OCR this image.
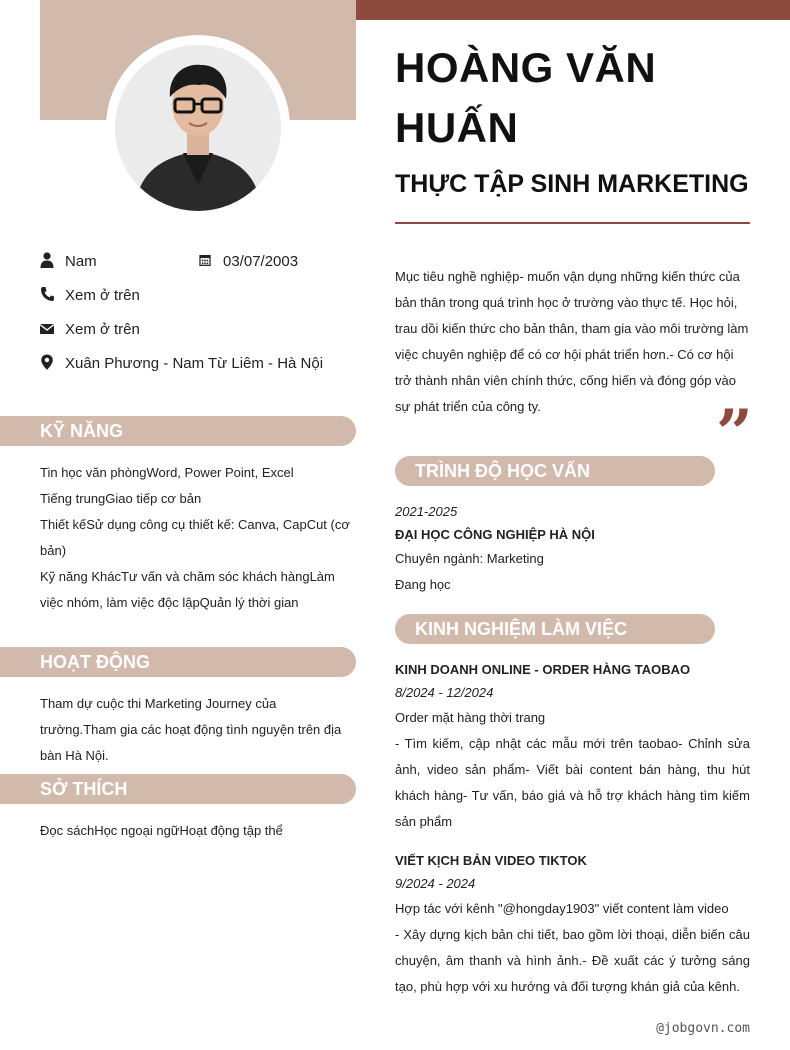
Nam	03/07/2003
Xem ở trên
Xem ở trên
Xuân Phương - Nam Từ Liêm - Hà Nội
KỸ NĂNG
Tin học văn phòngWord, Power Point, Excel
Tiếng trungGiao tiếp cơ bản
Thiết kếSử dụng công cụ thiết kế: Canva, CapCut (cơ bản)
Kỹ năng KhácTư vấn và chăm sóc khách hàngLàm việc nhóm, làm việc độc lậpQuản lý thời gian
HOẠT ĐỘNG
Tham dự cuộc thi Marketing Journey của trường.Tham gia các hoạt động tình nguyện trên địa bàn Hà Nội.
SỞ THÍCH
Đọc sáchHọc ngoại ngữHoạt động tập thể
HOÀNG VĂN HUẤN
THỰC TẬP SINH MARKETING
Mục tiêu nghề nghiệp- muốn vận dụng những kiến thức của bản thân trong quá trình học ở trường vào thực tế. Học hỏi, trau dồi kiến thức cho bản thân, tham gia vào môi trường làm việc chuyên nghiệp để có cơ hội phát triển hơn.- Có cơ hội trở thành nhân viên chính thức, cống hiến và đóng góp vào sự phát triển của công ty.	”
TRÌNH ĐỘ HỌC VẤN
2021-2025
ĐẠI HỌC CÔNG NGHIỆP HÀ NỘI
Chuyên ngành: Marketing
Đang học
KINH NGHIỆM LÀM VIỆC
KINH DOANH ONLINE - ORDER HÀNG TAOBAO
8/2024 - 12/2024
Order mặt hàng thời trang
- Tìm kiếm, cập nhật các mẫu mới trên taobao- Chỉnh sửa ảnh, video sản phẩm- Viết bài content bán hàng, thu hút khách hàng- Tư vấn, báo giá và hỗ trợ khách hàng tìm kiếm sản phẩm
VIẾT KỊCH BẢN VIDEO TIKTOK
9/2024 - 2024
Hợp tác với kênh "@hongday1903" viết content làm video
- Xây dựng kịch bản chi tiết, bao gồm lời thoại, diễn biến câu chuyện, âm thanh và hình ảnh.- Đề xuất các ý tưởng sáng tạo, phù hợp với xu hướng và đối tượng khán giả của kênh.
@jobgovn.com
